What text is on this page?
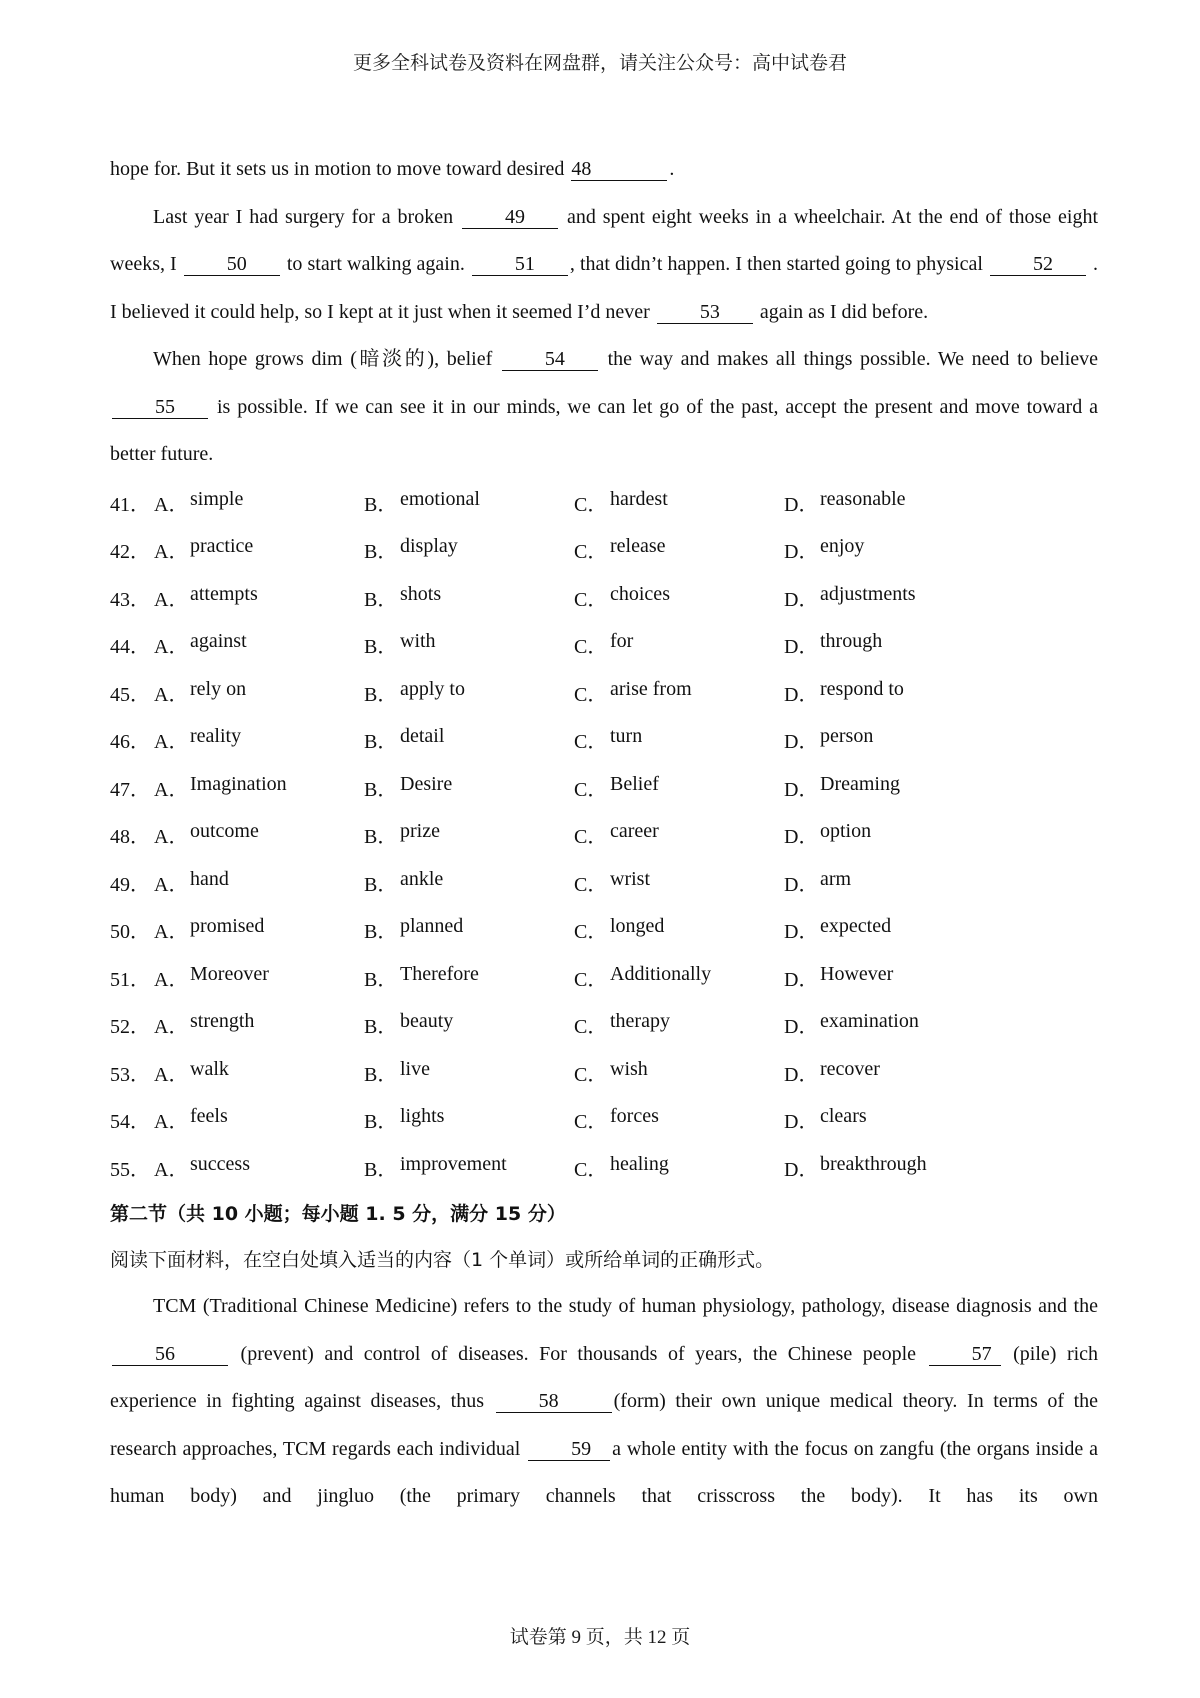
更多全科试卷及资料在网盘群，请关注公众号：高中试卷君

hope for. But it sets us in motion to move toward desired 48	.

Last year I had surgery for a broken	49 and spent eight weeks in a wheelchair. At the end of those eight weeks, I	50 to start walking again.	51 , that didn’t happen. I then started going to physical	52 . I believed it could help, so I kept at it just when it seemed I’d never	53 again as I did before.

When hope grows dim (暗淡的), belief	54 the way and makes all things possible. We need to believe 55 is possible. If we can see it in our minds, we can let go of the past, accept the present and move toward a better future.

41． A． simple	B． emotional	C． hardest	D． reasonable
42． A． practice	B． display	C． release	D． enjoy
43． A． attempts	B． shots	C． choices	D． adjustments
44． A． against	B． with	C． for	D． through
45． A． rely on	B． apply to	C． arise from	D． respond to
46． A． reality	B． detail	C． turn	D． person
47． A． Imagination	B． Desire	C． Belief	D． Dreaming
48． A． outcome	B． prize	C． career	D． option
49． A． hand	B． ankle	C． wrist	D． arm
50． A． promised	B． planned	C． longed	D． expected
51． A． Moreover	B． Therefore	C． Additionally	D． However
52． A． strength	B． beauty	C． therapy	D． examination
53． A． walk	B． live	C． wish	D． recover
54． A． feels	B． lights	C． forces	D． clears
55． A． success	B． improvement	C． healing	D． breakthrough

第二节（共 10 小题；每小题 1. 5 分，满分 15 分）

阅读下面材料，在空白处填入适当的内容（1 个单词）或所给单词的正确形式。

TCM (Traditional Chinese Medicine) refers to the study of human physiology, pathology, disease diagnosis and the 56	(prevent) and control of diseases. For thousands of years, the Chinese people	57 (pile) rich experience in fighting against diseases, thus	58	(form) their own unique medical theory. In terms of the research approaches, TCM regards each individual	59 a whole entity with the focus on zangfu (the organs inside a human body) and jingluo (the primary channels that crisscross the body). It has its own

试卷第 9 页，共 12 页
